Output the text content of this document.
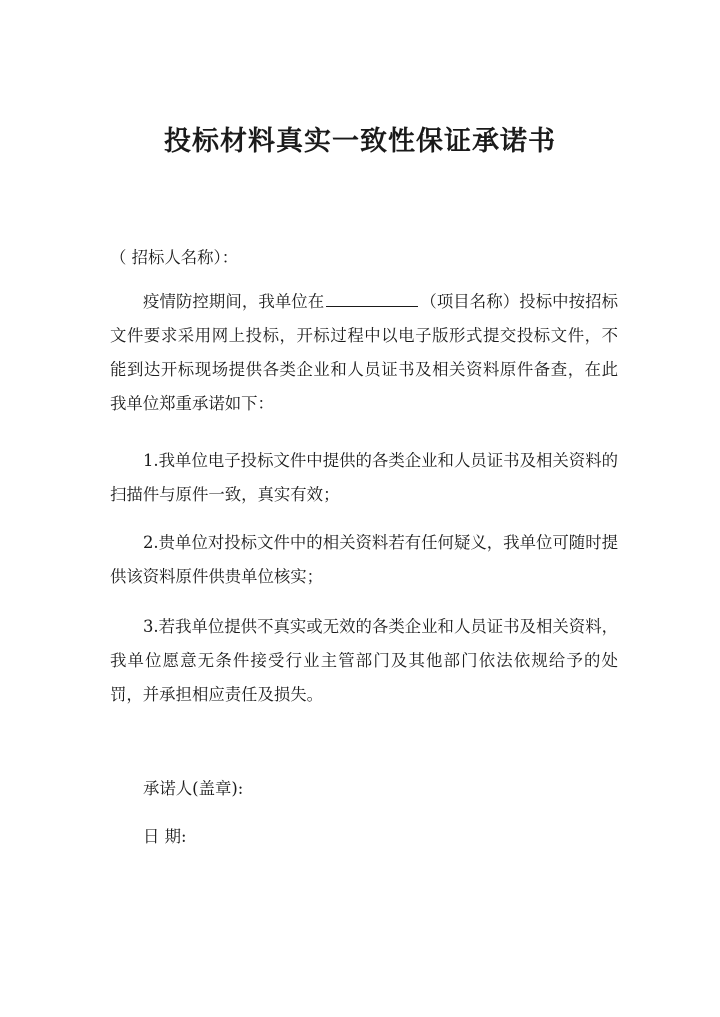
投标材料真实一致性保证承诺书

（ 招标人名称）：

疫情防控期间，我单位在	（项目名称）投标中按招标文件要求采用网上投标，开标过程中以电子版形式提交投标文件，不能到达开标现场提供各类企业和人员证书及相关资料原件备查，在此我单位郑重承诺如下：

1.我单位电子投标文件中提供的各类企业和人员证书及相关资料的扫描件与原件一致，真实有效；

2.贵单位对投标文件中的相关资料若有任何疑义，我单位可随时提供该资料原件供贵单位核实；

3.若我单位提供不真实或无效的各类企业和人员证书及相关资料，我单位愿意无条件接受行业主管部门及其他部门依法依规给予的处罚，并承担相应责任及损失。

承诺人(盖章):

日 期:
